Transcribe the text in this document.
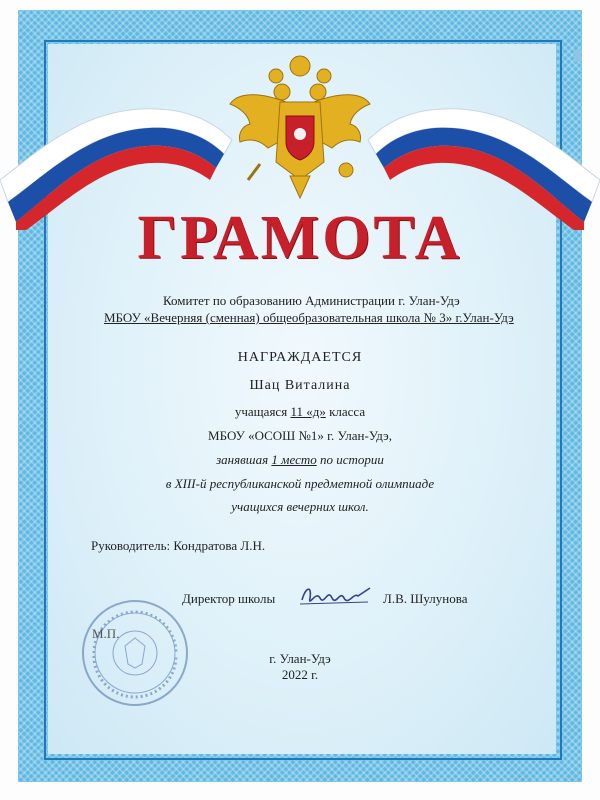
ГРАМОТА
Комитет по образованию Администрации г. Улан-Удэ
МБОУ «Вечерняя (сменная) общеобразовательная школа № 3» г.Улан-Удэ
НАГРАЖДАЕТСЯ
Шац Виталина
учащаяся 11 «д» класса
МБОУ «ОСОШ №1» г. Улан-Удэ,
занявшая 1 место по истории
в XIII-й республиканской предметной олимпиаде
учащихся вечерних школ.
Руководитель: Кондратова Л.Н.
Директор школы	Л.В. Шулунова
М.П.
г. Улан-Удэ
2022 г.
